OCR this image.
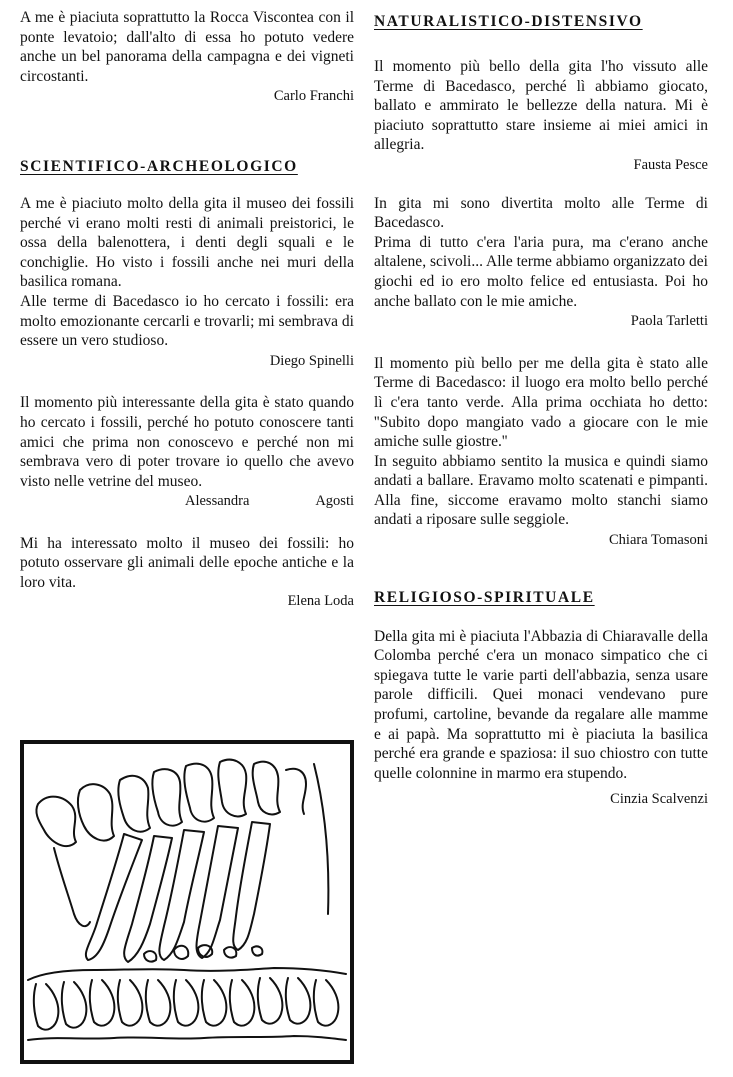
A me è piaciuta soprattutto la Rocca Viscontea con il ponte levatoio; dall'alto di essa ho potuto vedere anche un bel panorama della campagna e dei vigneti circostanti.

Carlo Franchi

SCIENTIFICO-ARCHEOLOGICO

A me è piaciuto molto della gita il museo dei fossili perché vi erano molti resti di animali preistorici, le ossa della balenottera, i denti degli squali e le conchiglie. Ho visto i fossili anche nei muri della basilica romana.

Alle terme di Bacedasco io ho cercato i fossili: era molto emozionante cercarli e trovarli; mi sembrava di essere un vero studioso.

Diego Spinelli

Il momento più interessante della gita è stato quando ho cercato i fossili, perché ho potuto conoscere tanti amici che prima non conoscevo e perché non mi sembrava vero di poter trovare io quello che avevo visto nelle vetrine del museo.

Alessandra	Agosti

Mi ha interessato molto il museo dei fossili: ho potuto osservare gli animali delle epoche antiche e la loro vita.

Elena Loda

NATURALISTICO-DISTENSIVO

Il momento più bello della gita l'ho vissuto alle Terme di Bacedasco, perché lì abbiamo giocato, ballato e ammirato le bellezze della natura. Mi è piaciuto soprattutto stare insieme ai miei amici in allegria.

Fausta Pesce

In gita mi sono divertita molto alle Terme di Bacedasco.

Prima di tutto c'era l'aria pura, ma c'erano anche altalene, scivoli... Alle terme abbiamo organizzato dei giochi ed io ero molto felice ed entusiasta. Poi ho anche ballato con le mie amiche.

Paola Tarletti

Il momento più bello per me della gita è stato alle Terme di Bacedasco: il luogo era molto bello perché lì c'era tanto verde. Alla prima occhiata ho detto: ''Subito dopo mangiato vado a giocare con le mie amiche sulle giostre.''

In seguito abbiamo sentito la musica e quindi siamo andati a ballare. Eravamo molto scatenati e pimpanti. Alla fine, siccome eravamo molto stanchi siamo andati a riposare sulle seggiole.

Chiara Tomasoni

RELIGIOSO-SPIRITUALE

Della gita mi è piaciuta l'Abbazia di Chiaravalle della Colomba perché c'era un monaco simpatico che ci spiegava tutte le varie parti dell'abbazia, senza usare parole difficili. Quei monaci vendevano pure profumi, cartoline, bevande da regalare alle mamme e ai papà. Ma soprattutto mi è piaciuta la basilica perché era grande e spaziosa: il suo chiostro con tutte quelle colonnine in marmo era stupendo.

Cinzia Scalvenzi
